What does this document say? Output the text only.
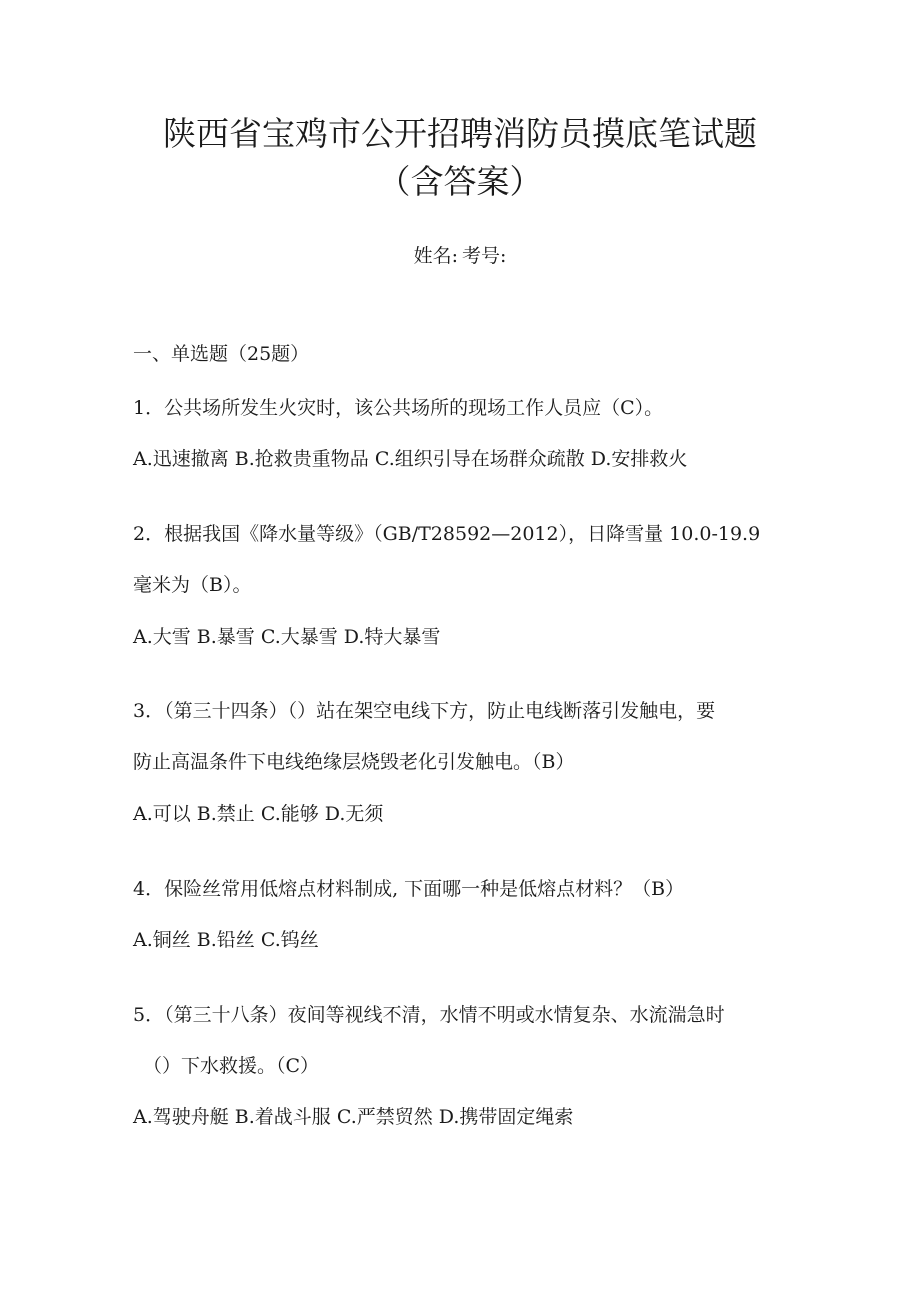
陕西省宝鸡市公开招聘消防员摸底笔试题
（含答案）
姓名: 考号:
一、单选题（25题）
1．公共场所发生火灾时，该公共场所的现场工作人员应（C）。
A.迅速撤离 B.抢救贵重物品 C.组织引导在场群众疏散 D.安排救火
2．根据我国《降水量等级》（GB/T28592—2012），日降雪量 10.0-19.9
毫米为（B）。
A.大雪 B.暴雪 C.大暴雪 D.特大暴雪
3．（第三十四条）（）站在架空电线下方，防止电线断落引发触电，要
防止高温条件下电线绝缘层烧毁老化引发触电。（B）
A.可以 B.禁止 C.能够 D.无须
4．保险丝常用低熔点材料制成, 下面哪一种是低熔点材料？（B）
A.铜丝 B.铅丝 C.钨丝
5．（第三十八条）夜间等视线不清，水情不明或水情复杂、水流湍急时
（）下水救援。（C）
A.驾驶舟艇 B.着战斗服 C.严禁贸然 D.携带固定绳索
